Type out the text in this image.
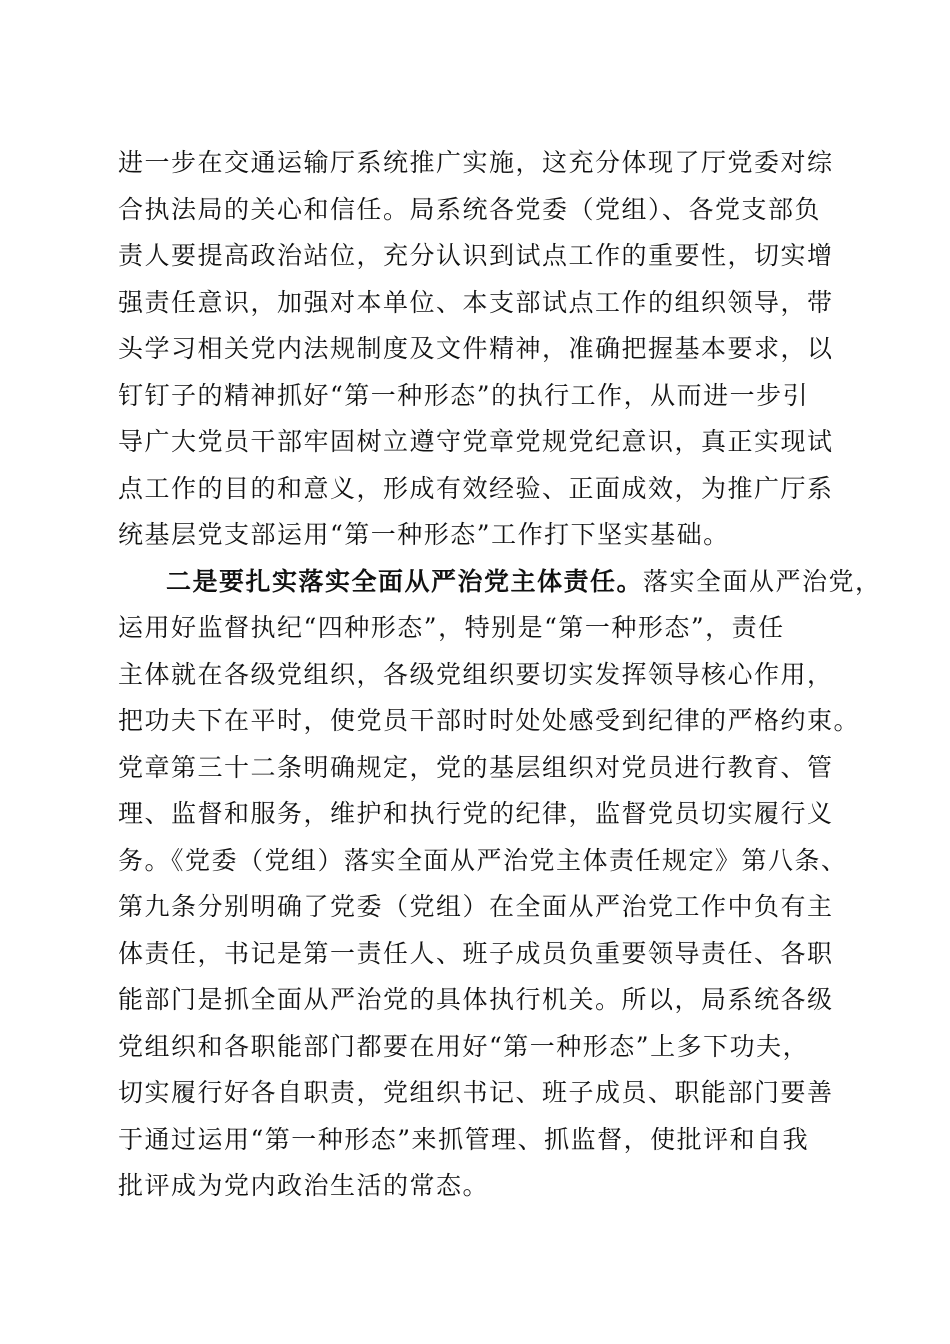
进一步在交通运输厅系统推广实施，这充分体现了厅党委对综
合执法局的关心和信任。局系统各党委（党组）、各党支部负
责人要提高政治站位，充分认识到试点工作的重要性，切实增
强责任意识，加强对本单位、本支部试点工作的组织领导，带
头学习相关党内法规制度及文件精神，准确把握基本要求，以
钉钉子的精神抓好“第一种形态”的执行工作，从而进一步引
导广大党员干部牢固树立遵守党章党规党纪意识，真正实现试
点工作的目的和意义，形成有效经验、正面成效，为推广厅系
统基层党支部运用“第一种形态”工作打下坚实基础。
二是要扎实落实全面从严治党主体责任。落实全面从严治党，
运用好监督执纪“四种形态”，特别是“第一种形态”，责任
主体就在各级党组织，各级党组织要切实发挥领导核心作用，
把功夫下在平时，使党员干部时时处处感受到纪律的严格约束。
党章第三十二条明确规定，党的基层组织对党员进行教育、管
理、监督和服务，维护和执行党的纪律，监督党员切实履行义
务。《党委（党组）落实全面从严治党主体责任规定》第八条、
第九条分别明确了党委（党组）在全面从严治党工作中负有主
体责任，书记是第一责任人、班子成员负重要领导责任、各职
能部门是抓全面从严治党的具体执行机关。所以，局系统各级
党组织和各职能部门都要在用好“第一种形态”上多下功夫，
切实履行好各自职责，党组织书记、班子成员、职能部门要善
于通过运用“第一种形态”来抓管理、抓监督，使批评和自我
批评成为党内政治生活的常态。
